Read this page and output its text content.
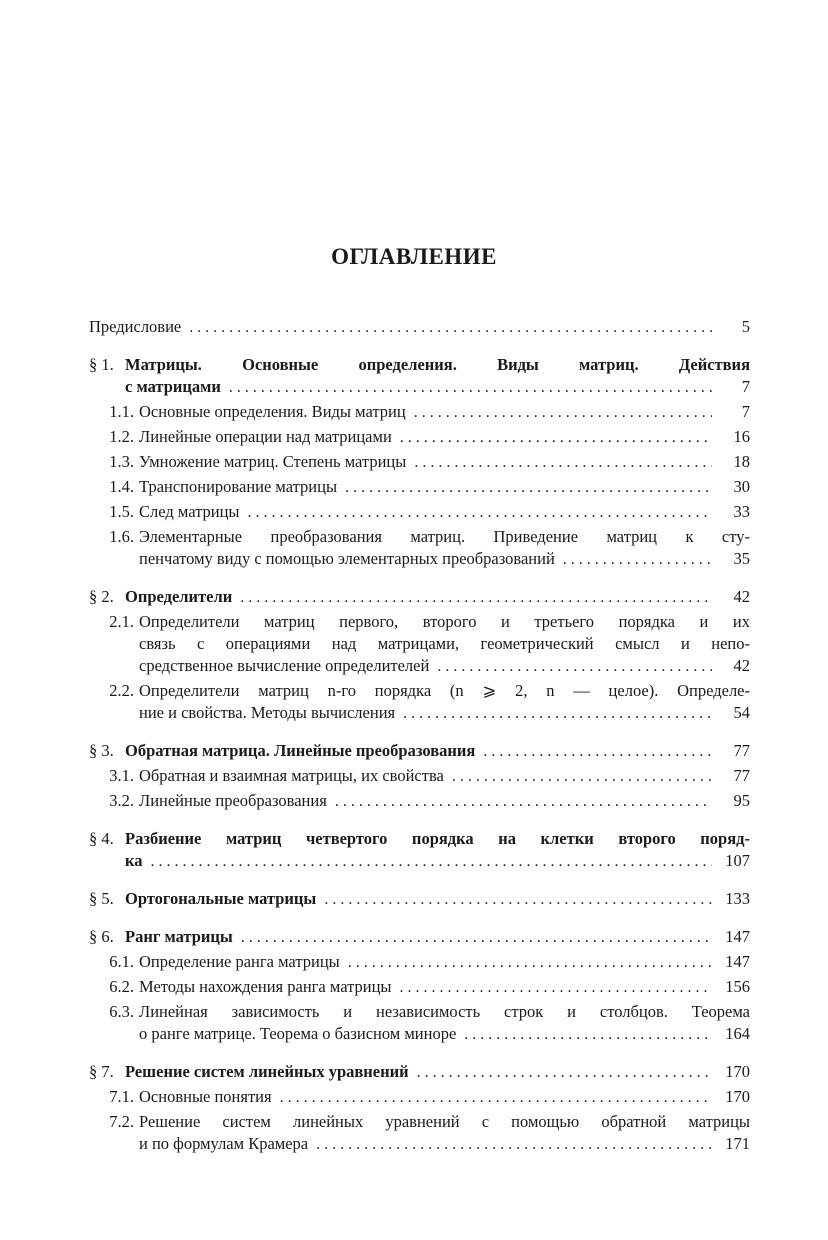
ОГЛАВЛЕНИЕ
Предисловие . . .	5
§ 1. Матрицы. Основные определения. Виды матриц. Действия
с матрицами . . .	7
1.1. Основные определения. Виды матриц . . .	7
1.2. Линейные операции над матрицами . . .	16
1.3. Умножение матриц. Степень матрицы . . .	18
1.4. Транспонирование матрицы . . .	30
1.5. След матрицы . . .	33
1.6. Элементарные преобразования матриц. Приведение матриц к сту-
пенчатому виду с помощью элементарных преобразований . . .	35
§ 2. Определители . . .	42
2.1. Определители матриц первого, второго и третьего порядка и их
связь с операциями над матрицами, геометрический смысл и непо-
средственное вычисление определителей . . .	42
2.2. Определители матриц n-го порядка (n ⩾ 2, n — целое). Определе-
ние и свойства. Методы вычисления . . .	54
§ 3. Обратная матрица. Линейные преобразования . . .	77
3.1. Обратная и взаимная матрицы, их свойства . . .	77
3.2. Линейные преобразования . . .	95
§ 4. Разбиение матриц четвертого порядка на клетки второго поряд-
ка . . .	107
§ 5. Ортогональные матрицы . . .	133
§ 6. Ранг матрицы . . .	147
6.1. Определение ранга матрицы . . .	147
6.2. Методы нахождения ранга матрицы . . .	156
6.3. Линейная зависимость и независимость строк и столбцов. Теорема
о ранге матрице. Теорема о базисном миноре . . .	164
§ 7. Решение систем линейных уравнений . . .	170
7.1. Основные понятия . . .	170
7.2. Решение систем линейных уравнений с помощью обратной матрицы
и по формулам Крамера . . .	171
